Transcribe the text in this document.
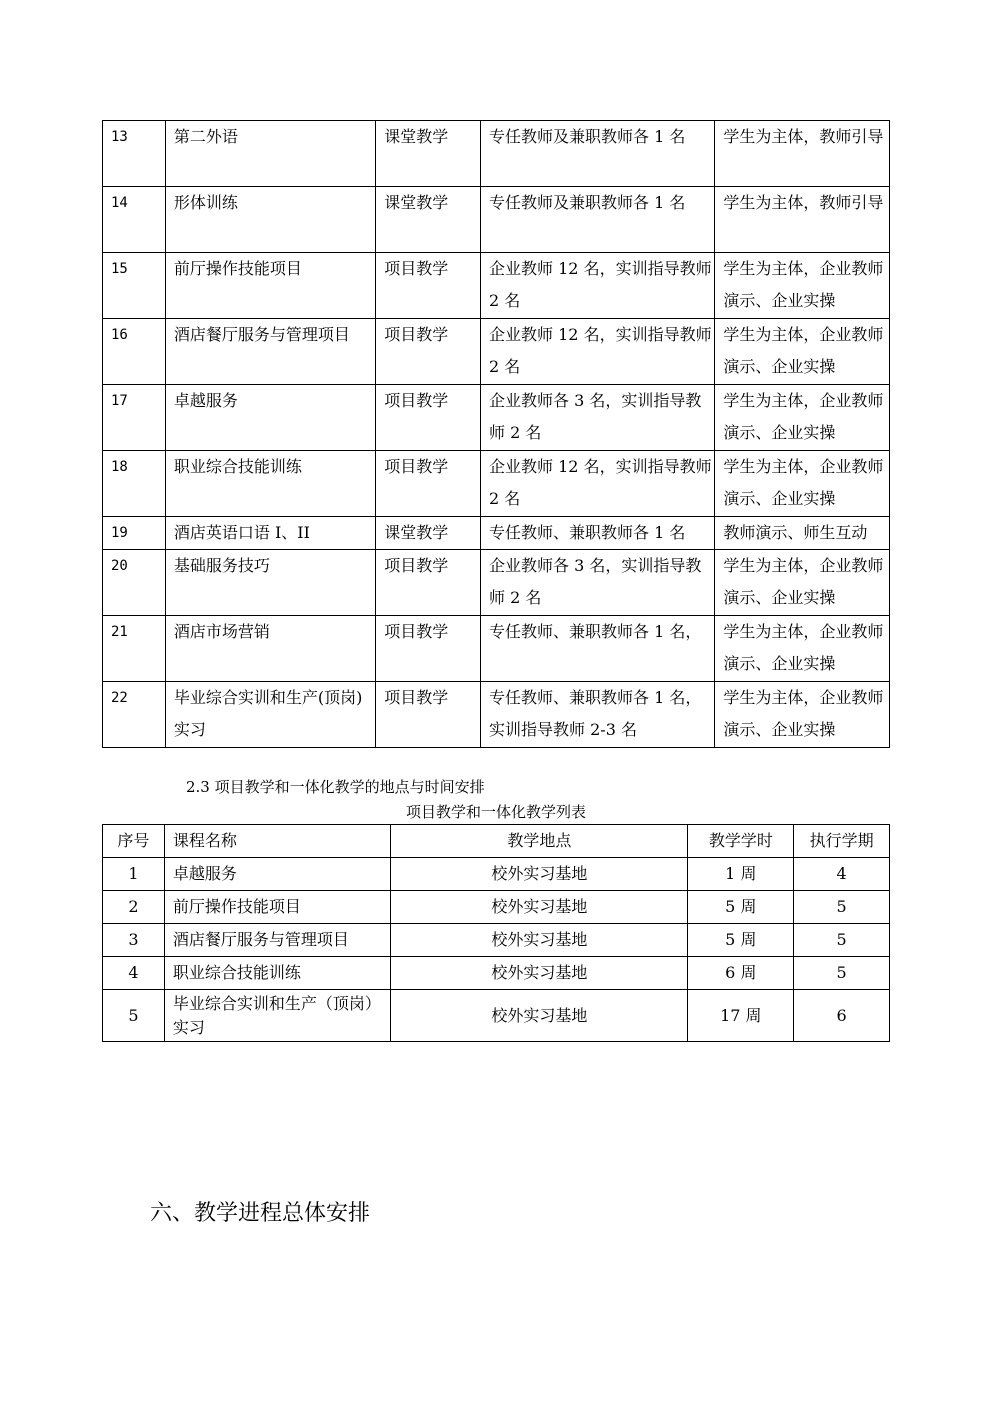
13	第二外语	课堂教学	专任教师及兼职教师各 1 名	学生为主体，教师引导
14	形体训练	课堂教学	专任教师及兼职教师各 1 名	学生为主体，教师引导
15	前厅操作技能项目	项目教学	企业教师 12 名，实训指导教师 2 名	学生为主体，企业教师演示、企业实操
16	酒店餐厅服务与管理项目	项目教学	企业教师 12 名，实训指导教师 2 名	学生为主体，企业教师演示、企业实操
17	卓越服务	项目教学	企业教师各 3 名，实训指导教师 2 名	学生为主体，企业教师演示、企业实操
18	职业综合技能训练	项目教学	企业教师 12 名，实训指导教师 2 名	学生为主体，企业教师演示、企业实操
19	酒店英语口语 I、II	课堂教学	专任教师、兼职教师各 1 名	教师演示、师生互动
20	基础服务技巧	项目教学	企业教师各 3 名，实训指导教师 2 名	学生为主体，企业教师演示、企业实操
21	酒店市场营销	项目教学	专任教师、兼职教师各 1 名，	学生为主体，企业教师演示、企业实操
22	毕业综合实训和生产(顶岗)实习	项目教学	专任教师、兼职教师各 1 名，实训指导教师 2-3 名	学生为主体，企业教师演示、企业实操
2.3 项目教学和一体化教学的地点与时间安排
项目教学和一体化教学列表
序号	课程名称	教学地点	教学学时	执行学期
1	卓越服务	校外实习基地	1 周	4
2	前厅操作技能项目	校外实习基地	5 周	5
3	酒店餐厅服务与管理项目	校外实习基地	5 周	5
4	职业综合技能训练	校外实习基地	6 周	5
5	毕业综合实训和生产（顶岗）实习	校外实习基地	17 周	6
六、教学进程总体安排
